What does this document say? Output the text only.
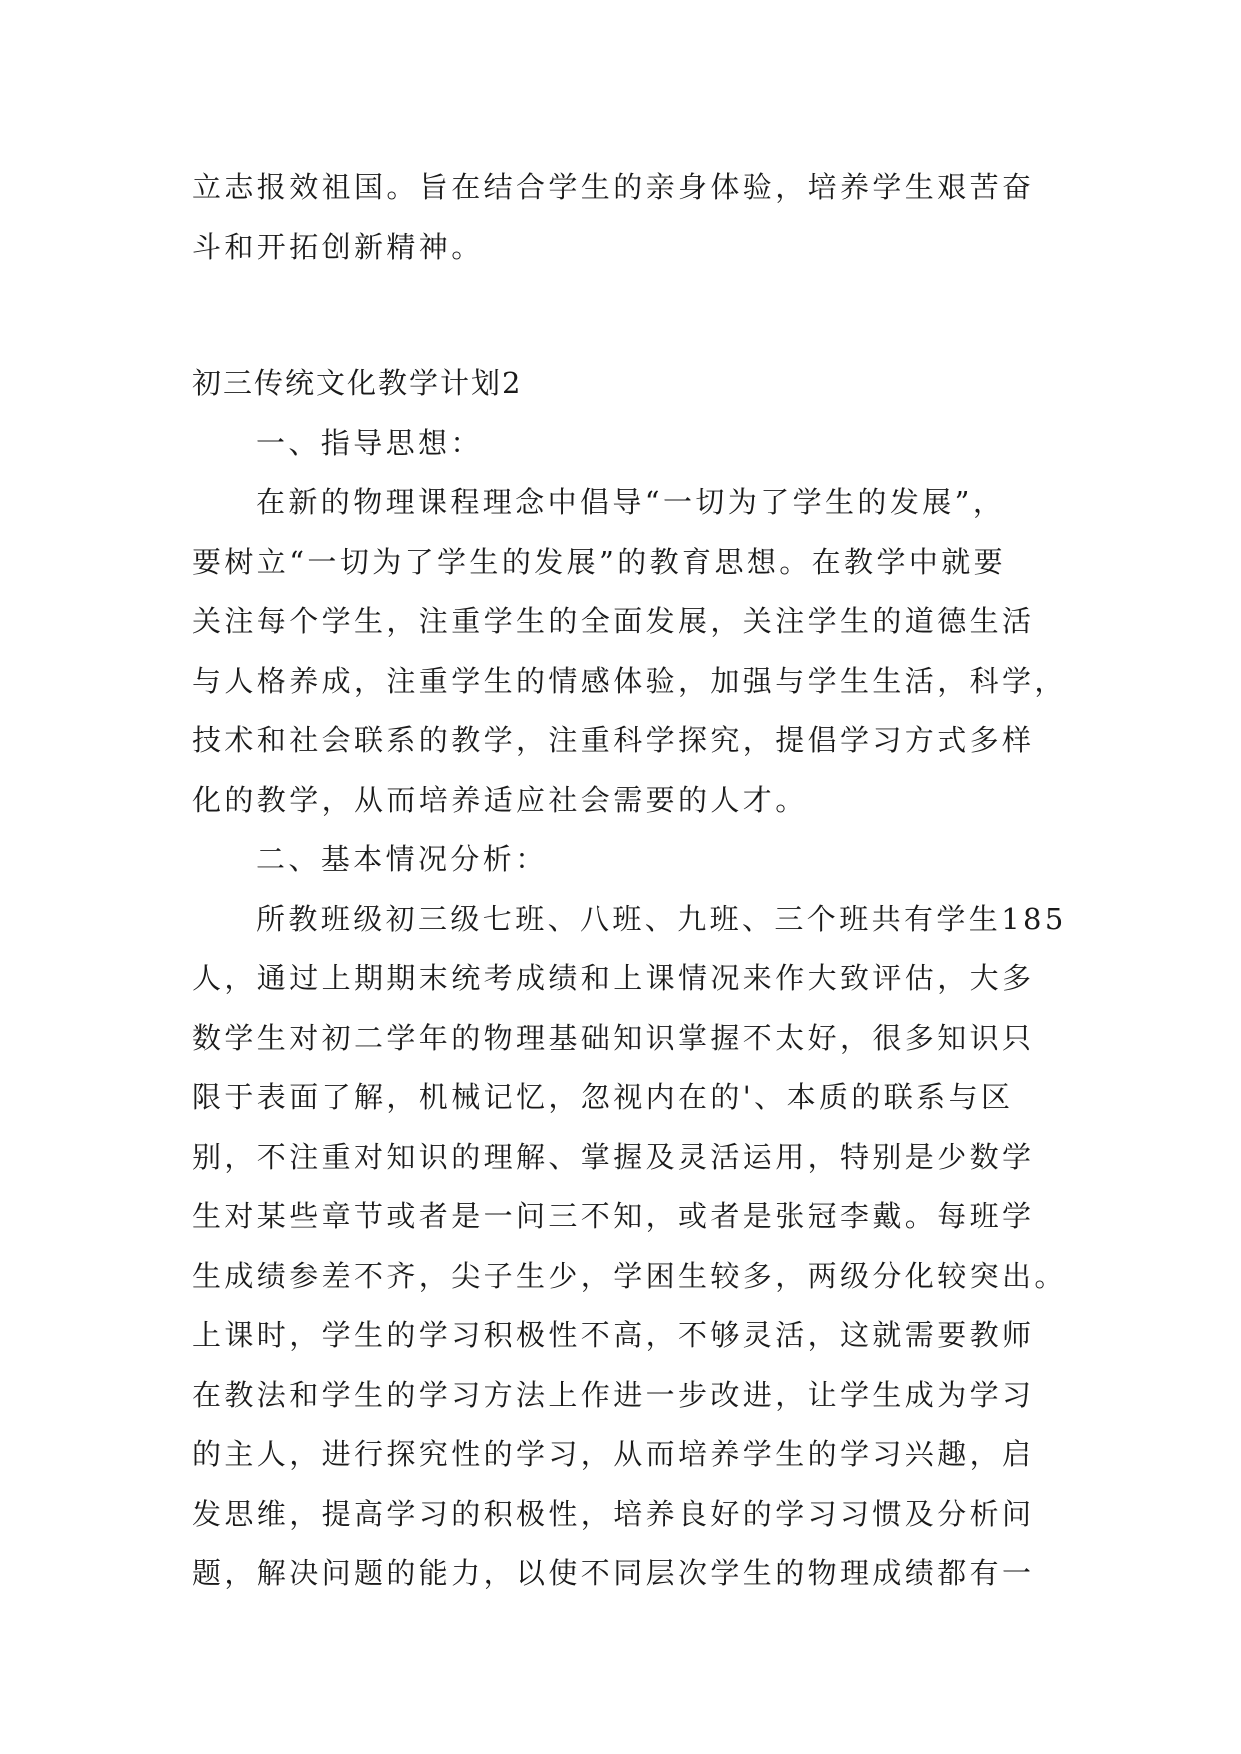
立志报效祖国。旨在结合学生的亲身体验，培养学生艰苦奋
斗和开拓创新精神。
初三传统文化教学计划2
一、指导思想：
在新的物理课程理念中倡导“一切为了学生的发展”，
要树立“一切为了学生的发展”的教育思想。在教学中就要
关注每个学生，注重学生的全面发展，关注学生的道德生活
与人格养成，注重学生的情感体验，加强与学生生活，科学，
技术和社会联系的教学，注重科学探究，提倡学习方式多样
化的教学，从而培养适应社会需要的人才。
二、基本情况分析：
所教班级初三级七班、八班、九班、三个班共有学生185
人，通过上期期末统考成绩和上课情况来作大致评估，大多
数学生对初二学年的物理基础知识掌握不太好，很多知识只
限于表面了解，机械记忆，忽视内在的'、本质的联系与区
别，不注重对知识的理解、掌握及灵活运用，特别是少数学
生对某些章节或者是一问三不知，或者是张冠李戴。每班学
生成绩参差不齐，尖子生少，学困生较多，两级分化较突出。
上课时，学生的学习积极性不高，不够灵活，这就需要教师
在教法和学生的学习方法上作进一步改进，让学生成为学习
的主人，进行探究性的学习，从而培养学生的学习兴趣，启
发思维，提高学习的积极性，培养良好的学习习惯及分析问
题，解决问题的能力，以使不同层次学生的物理成绩都有一
